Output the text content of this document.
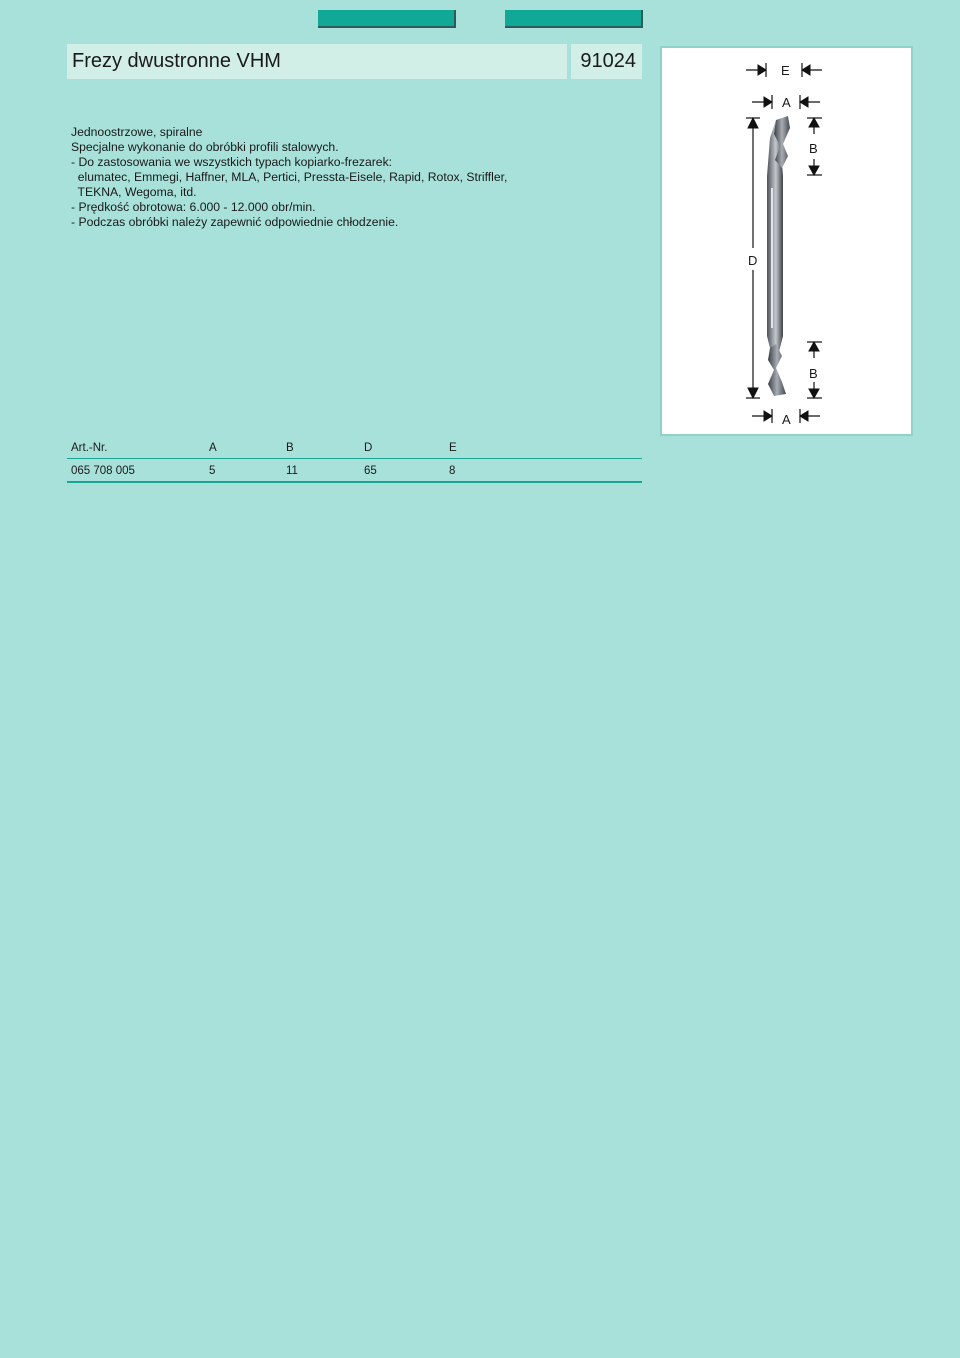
Frezy dwustronne VHM	91024
Jednoostrzowe, spiralne
Specjalne wykonanie do obróbki profili stalowych.
- Do zastosowania we wszystkich typach kopiarko-frezarek:
elumatec, Emmegi, Haffner, MLA, Pertici, Pressta-Eisele, Rapid, Rotox, Striffler,
TEKNA, Wegoma, itd.
- Prędkość obrotowa: 6.000 - 12.000 obr/min.
- Podczas obróbki należy zapewnić odpowiednie chłodzenie.
E
A
B
D
B
A
Art.-Nr.	A	B	D	E
065 708 005	5	11	65	8
